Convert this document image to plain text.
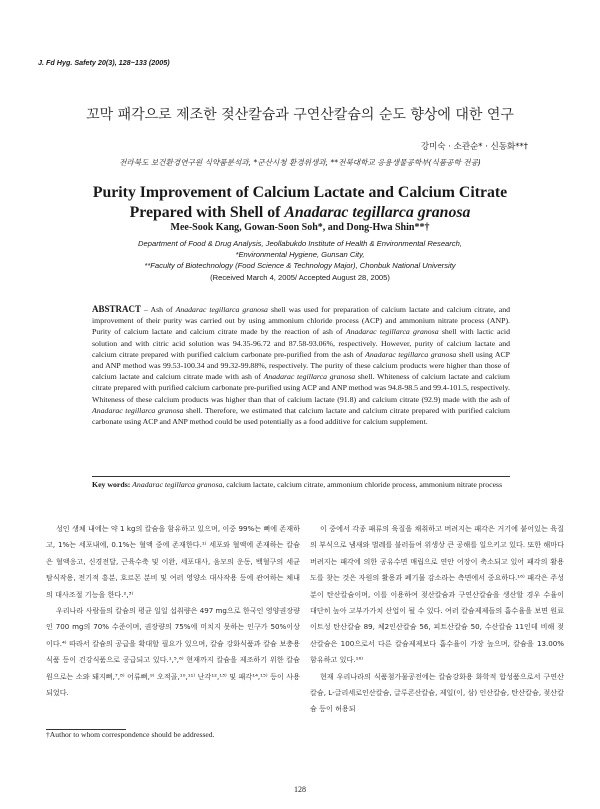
J. Fd Hyg. Safety 20(3), 128~133 (2005)
꼬막 패각으로 제조한 젖산칼슘과 구연산칼슘의 순도 향상에 대한 연구
강미숙 · 소관순* · 신동화**†
전라북도 보건환경연구원 식약품분석과, *군산시청 환경위생과, **전북대학교 응용생물공학부(식품공학 전공)
Purity Improvement of Calcium Lactate and Calcium Citrate
Prepared with Shell of Anadarac tegillarca granosa
Mee-Sook Kang, Gowan-Soon Soh*, and Dong-Hwa Shin**†
Department of Food & Drug Analysis, Jeollabukdo Institute of Health & Environmental Research,
*Environmental Hygiene, Gunsan City,
**Faculty of Biotechnology (Food Science & Technology Major), Chonbuk National University
(Received March 4, 2005/ Accepted August 28, 2005)
ABSTRACT – Ash of Anadarac tegillarca granosa shell was used for preparation of calcium lactate and calcium citrate, and improvement of their purity was carried out by using ammonium chloride process (ACP) and ammonium nitrate process (ANP). Purity of calcium lactate and calcium citrate made by the reaction of ash of Anadarac tegillarca granosa shell with lactic acid solution and with citric acid solution was 94.35-96.72 and 87.58-93.06%, respectively. However, purity of calcium lactate and calcium citrate prepared with purified calcium carbonate pre-purified from the ash of Anadarac tegillarca granosa shell using ACP and ANP method was 99.53-100.34 and 99.32-99.88%, respectively. The purity of these calcium products were higher than those of calcium lactate and calcium citrate made with ash of Anadarac tegillarca granosa shell. Whiteness of calcium lactate and calcium citrate prepared with purified calcium carbonate pre-purified using ACP and ANP method was 94.8-98.5 and 99.4-101.5, respectively. Whiteness of these calcium products was higher than that of calcium lactate (91.8) and calcium citrate (92.9) made with the ash of Anadarac tegillarca granosa shell. Therefore, we estimated that calcium lactate and calcium citrate prepared with purified calcium carbonate using ACP and ANP method could be used potentially as a food additive for calcium supplement.
Key words: Anadarac tegillarca granosa, calcium lactate, calcium citrate, ammonium chloride process, ammonium nitrate process

성인 생체 내에는 약 1 kg의 칼슘을 함유하고 있으며, 이중 99%는 뼈에 존재하고, 1%는 세포내에, 0.1%는 혈액 중에 존재한다.¹⁾ 세포와 혈액에 존재하는 칼슘은 혈액응고, 신경전달, 근육수축 및 이완, 세포대사, 음모의 운동, 백혈구의 세균 탐식작용, 전기적 흥분, 호르몬 분비 및 여러 영양소 대사작용 등에 관여하는 체내의 대사조절 기능을 한다.²,³⁾

우리나라 사람들의 칼슘의 평균 일일 섭취량은 497 mg으로 한국인 영양권장량인 700 mg의 70% 수준이며, 권장량의 75%에 미치지 못하는 인구가 50%이상이다.⁴⁾ 따라서 칼슘의 공급을 확대할 필요가 있으며, 칼슘 강화식품과 칼슘 보충용식품 등이 건강식품으로 공급되고 있다.¹,⁵,⁶⁾ 현재까지 칼슘을 제조하기 위한 칼슘원으로는 소와 돼지뼈,⁷,⁸⁾ 어류뼈,⁹⁾ 오적골,¹⁰,¹¹⁾ 난각¹²,¹³⁾ 및 패각¹⁴,¹⁵⁾ 등이 사용되었다.

이 중에서 각종 패류의 육질을 채취하고 버려지는 패각은 거기에 붙어있는 육질의 부식으로 냄새와 벌레를 불러들여 위생상 큰 공해를 일으키고 있다. 또한 해마다 버려지는 패각에 의한 공유수면 매립으로 연안 어장이 축소되고 있어 패각의 활용도를 찾는 것은 자원의 활용과 폐기물 감소라는 측면에서 중요하다.¹⁶⁾ 패각은 주성분이 탄산칼슘이며, 이를 이용하여 젖산칼슘과 구연산칼슘을 생산할 경우 수율이 대단히 높아 고부가가치 산업이 될 수 있다. 여러 칼슘제제들의 흡수율을 보면 원료이트성 탄산칼슘 89, 체2인산칼슘 56, 피트산칼슘 50, 수산칼슘 11인데 비해 젖산칼슘은 100으로서 다른 칼슘제제보다 흡수율이 가장 높으며, 칼슘을 13.00% 함유하고 있다.¹⁶⁾

현재 우리나라의 식품첨가물공전에는 칼슘강화용 화학적 합성품으로서 구연산칼슘, L-글리세로인산칼슘, 글루콘산칼슘, 제일(이, 삼) 인산칼슘, 탄산칼슘, 젖산칼슘 등이 허용되

†Author to whom correspondence should be addressed.
128
